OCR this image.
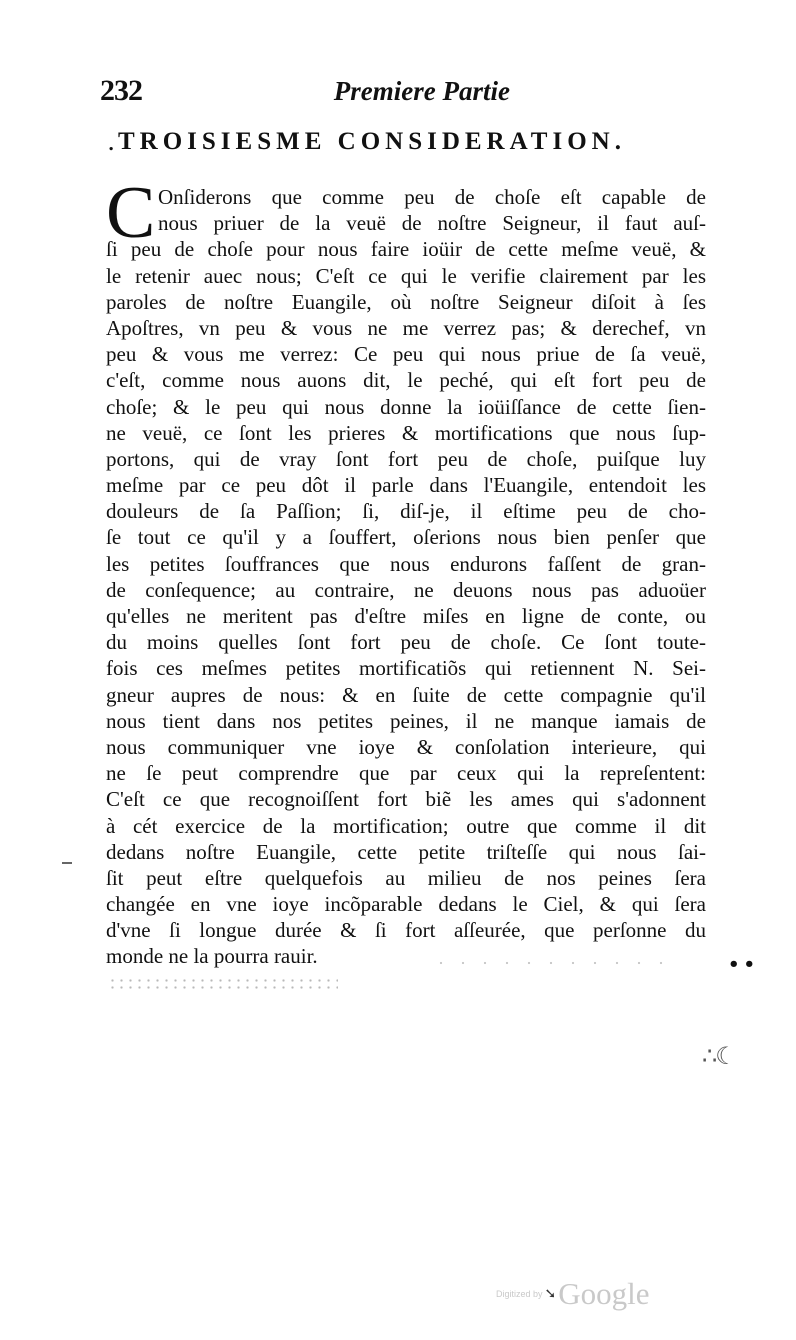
232	Premiere Partie
. TROISIESME CONSIDERATION.
C Onſiderons que comme peu de choſe eſt capable de
nous priuer de la veuë de noſtre Seigneur, il faut auſ-
ſi peu de choſe pour nous faire ioüir de cette meſme veuë, &
le retenir auec nous; C'eſt ce qui le verifie clairement par les
paroles de noſtre Euangile, où noſtre Seigneur diſoit à ſes
Apoſtres, vn peu & vous ne me verrez pas; & derechef, vn
peu & vous me verrez: Ce peu qui nous priue de ſa veuë,
c'eſt, comme nous auons dit, le peché, qui eſt fort peu de
choſe; & le peu qui nous donne la ioüiſſance de cette ſien-
ne veuë, ce ſont les prieres & mortifications que nous ſup-
portons, qui de vray ſont fort peu de choſe, puiſque luy
meſme par ce peu dôt il parle dans l'Euangile, entendoit les
douleurs de ſa Paſſion; ſi, diſ-je, il eſtime peu de cho-
ſe tout ce qu'il y a ſouffert, oſerions nous bien penſer que
les petites ſouffrances que nous endurons faſſent de gran-
de conſequence; au contraire, ne deuons nous pas aduoüer
qu'elles ne meritent pas d'eſtre miſes en ligne de conte, ou
du moins quelles ſont fort peu de choſe. Ce ſont toute-
fois ces meſmes petites mortificatiõs qui retiennent N. Sei-
gneur aupres de nous: & en ſuite de cette compagnie qu'il
nous tient dans nos petites peines, il ne manque iamais de
nous communiquer vne ioye & conſolation interieure, qui
ne ſe peut comprendre que par ceux qui la repreſentent:
C'eſt ce que recognoiſſent fort biẽ les ames qui s'adonnent
à cét exercice de la mortification; outre que comme il dit
dedans noſtre Euangile, cette petite triſteſſe qui nous ſai-
ſit peut eſtre quelquefois au milieu de nos peines ſera
changée en vne ioye incõparable dedans le Ciel, & qui ſera
d'vne ſi longue durée & ſi fort aſſeurée, que perſonne du
monde ne la pourra rauir.	••
∴☾
Digitized by ➘Google
